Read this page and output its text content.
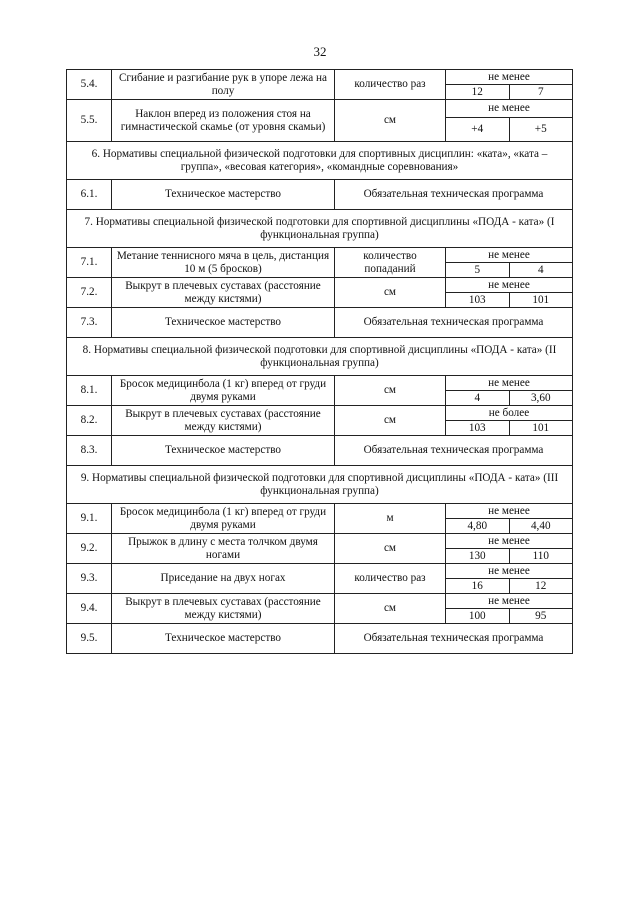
32
5.4.	Сгибание и разгибание рук в упоре лежа на полу	количество раз	не менее	
			12	7
5.5.	Наклон вперед из положения стоя на гимнастической скамье (от уровня скамьи)	см	не менее	
			+4	+5
6. Нормативы специальной физической подготовки для спортивных дисциплин: «ката», «ката – группа», «весовая категория», «командные соревнования»				
6.1.	Техническое мастерство	Обязательная техническая программа		
7. Нормативы специальной физической подготовки для спортивной дисциплины «ПОДА - ката» (I функциональная группа)				
7.1.	Метание теннисного мяча в цель, дистанция 10 м (5 бросков)	количество попаданий	не менее	
			5	4
7.2.	Выкрут в плечевых суставах (расстояние между кистями)	см	не менее	
			103	101
7.3.	Техническое мастерство	Обязательная техническая программа		
8. Нормативы специальной физической подготовки для спортивной дисциплины «ПОДА - ката» (II функциональная группа)				
8.1.	Бросок медицинбола (1 кг) вперед от груди двумя руками	см	не менее	
			4	3,60
8.2.	Выкрут в плечевых суставах (расстояние между кистями)	см	не более	
			103	101
8.3.	Техническое мастерство	Обязательная техническая программа		
9. Нормативы специальной физической подготовки для спортивной дисциплины «ПОДА - ката» (III функциональная группа)				
9.1.	Бросок медицинбола (1 кг) вперед от груди двумя руками	м	не менее	
			4,80	4,40
9.2.	Прыжок в длину с места толчком двумя ногами	см	не менее	
			130	110
9.3.	Приседание на двух ногах	количество раз	не менее	
			16	12
9.4.	Выкрут в плечевых суставах (расстояние между кистями)	см	не менее	
			100	95
9.5.	Техническое мастерство	Обязательная техническая программа		
